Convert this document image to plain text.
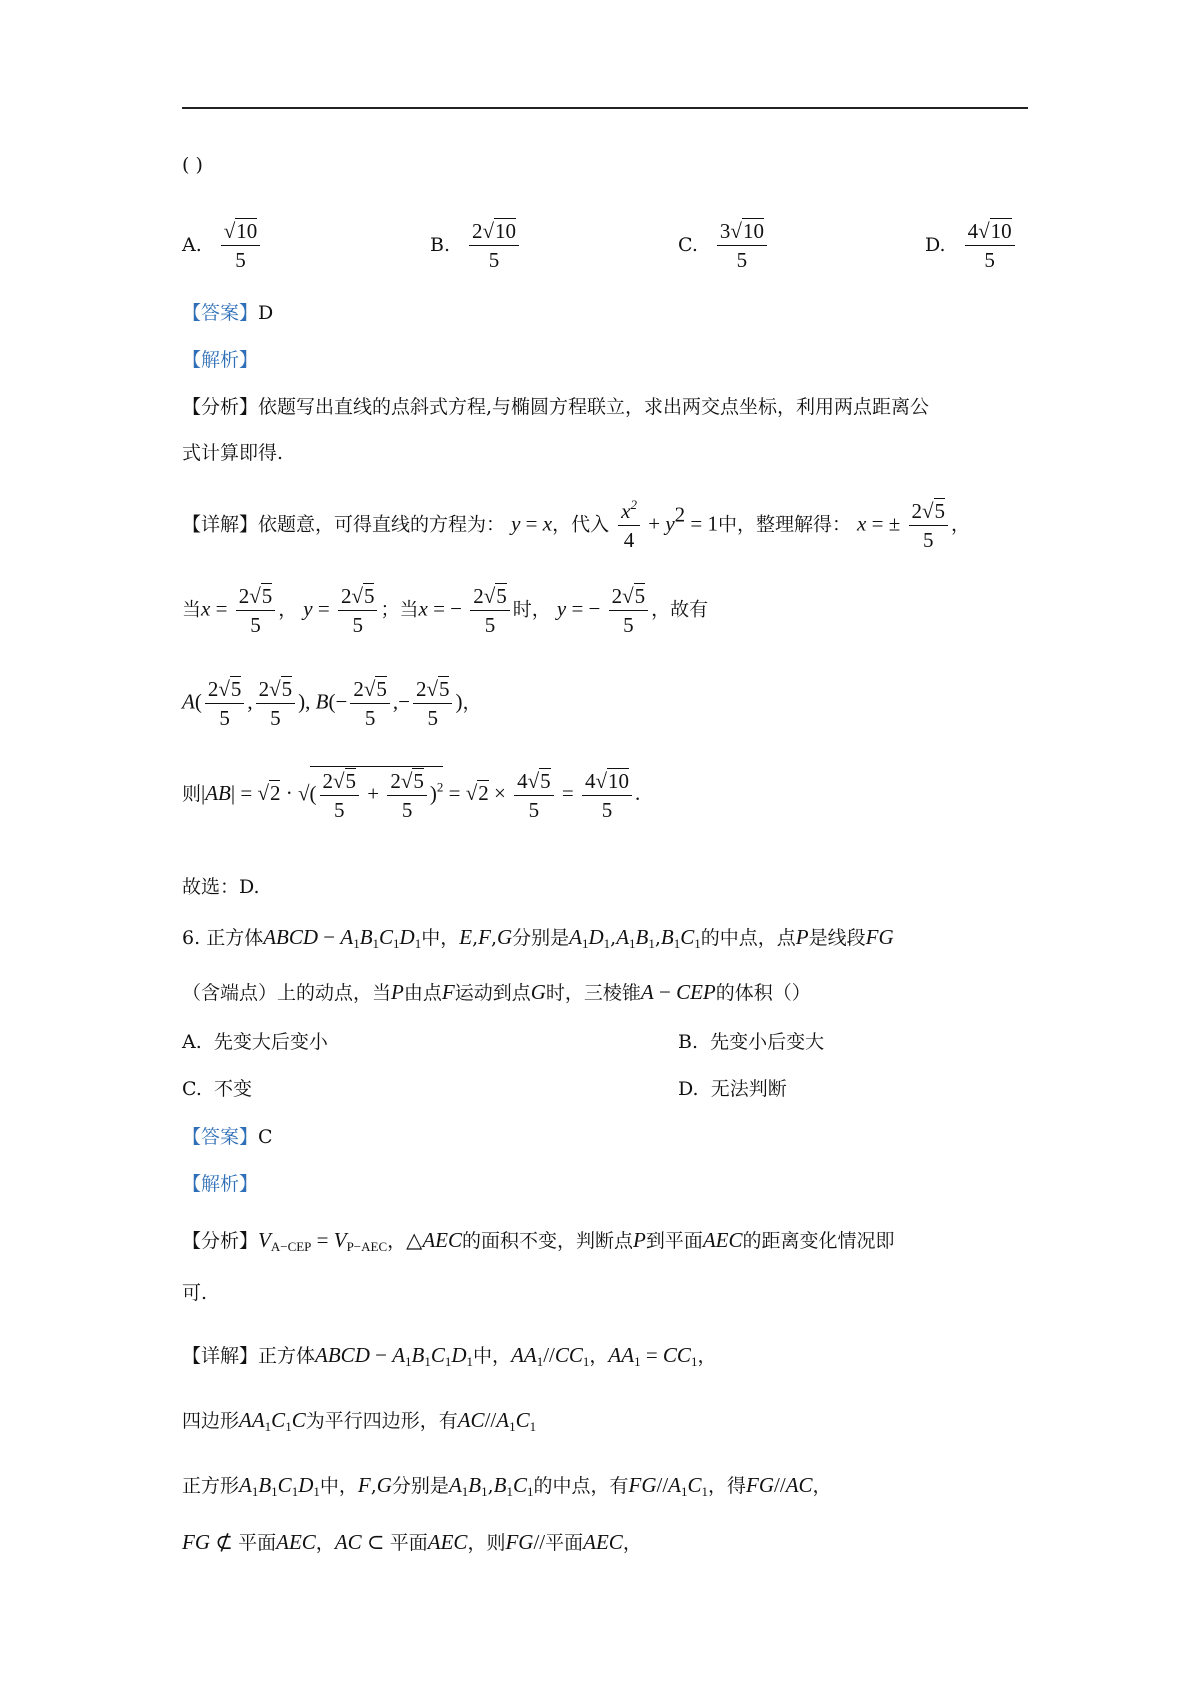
( )
A. $\frac{√10}{5}$	B. $\frac{2√10}{5}$	C. $\frac{3√10}{5}$	D. $\frac{4√10}{5}$
【答案】D
【解析】
【分析】依题写出直线的点斜式方程,与椭圆方程联立，求出两交点坐标，利用两点距离公
式计算即得.
【详解】依题意，可得直线的方程为： y = x，代入 $\frac{x^2}{4} + y^2 = 1$中，整理解得： x = ± $\frac{2√5}{5}$ ，
当$x = \frac{2√5}{5}$ ， $y = \frac{2√5}{5}$ ；当x = − $\frac{2√5}{5}$ 时， y = − $\frac{2√5}{5}$ ，故有
$A( \frac{2√5}{5}$ , $\frac{2√5}{5}$ ), $B(- \frac{2√5}{5}$ ,− $\frac{2√5}{5}$ )，
则|AB| = √2 · √( $\frac{2√5}{5} + \frac{2√5}{5} )^2 = √2 \times \frac{4√5}{5} = \frac{4√10}{5}$ .
故选：D.
6. 正方体ABCD − $A_1B_1C_1D_1$中，E,F,G分别是$A_1D_1,A_1B_1,B_1C_1$的中点，点P是线段FG
（含端点）上的动点，当P由点F运动到点G时，三棱锥A − CEP的体积（）
A. 先变大后变小	B. 先变小后变大
C. 不变	D. 无法判断
【答案】C
【解析】
【分析】$V_{A-CEP} = V_{P-AEC}$，△AEC的面积不变，判断点P到平面AEC的距离变化情况即
可.
【详解】正方体ABCD − $A_1B_1C_1D_1$中，$AA_1//CC_1$，$AA_1 = CC_1$，
四边形$AA_1C_1C$为平行四边形，有$AC//A_1C_1$
正方形$A_1B_1C_1D_1$中，F,G分别是$A_1B_1,B_1C_1$的中点，有$FG//A_1C_1$，得FG//AC，
FG ⊄ 平面AEC，AC ⊂ 平面AEC，则FG//平面AEC，
